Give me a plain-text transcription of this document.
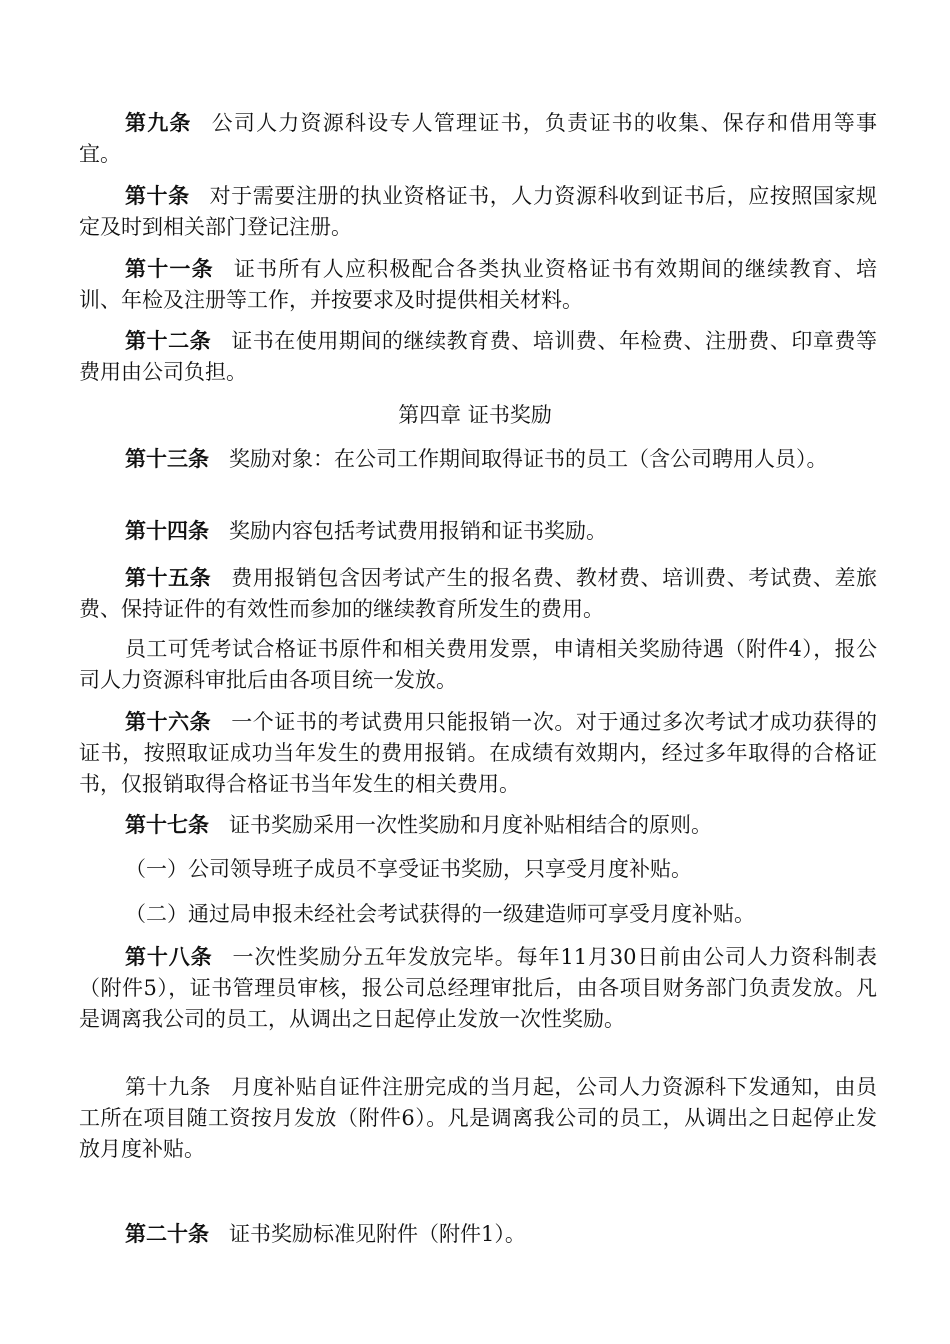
第九条 公司人力资源科设专人管理证书，负责证书的收集、保存和借用等事宜。

第十条 对于需要注册的执业资格证书，人力资源科收到证书后，应按照国家规定及时到相关部门登记注册。

第十一条 证书所有人应积极配合各类执业资格证书有效期间的继续教育、培训、年检及注册等工作，并按要求及时提供相关材料。

第十二条 证书在使用期间的继续教育费、培训费、年检费、注册费、印章费等费用由公司负担。

第四章 证书奖励

第十三条 奖励对象：在公司工作期间取得证书的员工（含公司聘用人员）。

第十四条 奖励内容包括考试费用报销和证书奖励。

第十五条 费用报销包含因考试产生的报名费、教材费、培训费、考试费、差旅费、保持证件的有效性而参加的继续教育所发生的费用。

员工可凭考试合格证书原件和相关费用发票，申请相关奖励待遇（附件4），报公司人力资源科审批后由各项目统一发放。

第十六条 一个证书的考试费用只能报销一次。对于通过多次考试才成功获得的证书，按照取证成功当年发生的费用报销。在成绩有效期内，经过多年取得的合格证书，仅报销取得合格证书当年发生的相关费用。

第十七条 证书奖励采用一次性奖励和月度补贴相结合的原则。

（一）公司领导班子成员不享受证书奖励，只享受月度补贴。

（二）通过局申报未经社会考试获得的一级建造师可享受月度补贴。

第十八条 一次性奖励分五年发放完毕。每年11月30日前由公司人力资科制表（附件5），证书管理员审核，报公司总经理审批后，由各项目财务部门负责发放。凡是调离我公司的员工，从调出之日起停止发放一次性奖励。

第十九条 月度补贴自证件注册完成的当月起，公司人力资源科下发通知，由员工所在项目随工资按月发放（附件6）。凡是调离我公司的员工，从调出之日起停止发放月度补贴。

第二十条 证书奖励标准见附件（附件1）。
